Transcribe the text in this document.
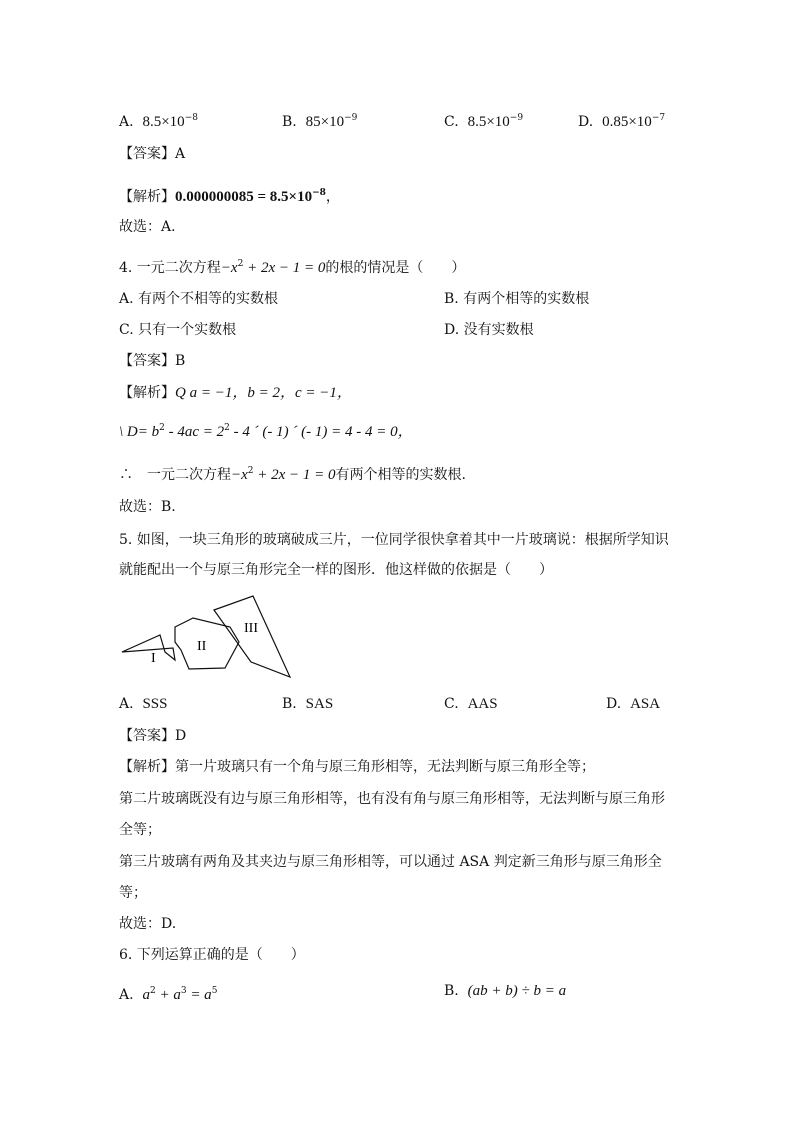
A. $8.5\times 10^{-8}$	B. $85\times 10^{-9}$	C. $8.5\times 10^{-9}$	D. $0.85\times 10^{-7}$
【答案】A
【解析】$0.000000085 = 8.5\times 10^{-8}$，
故选：A.
4. 一元二次方程$-x^2 + 2x - 1 = 0$的根的情况是（　　）
A. 有两个不相等的实数根	B. 有两个相等的实数根
C. 只有一个实数根	D. 没有实数根
【答案】B
【解析】Q a = −1，b = 2，c = −1，
\ $D= b^2 - 4ac = 2^2 - 4$ ´ (- 1) ´ (- 1) = 4 - 4 = 0，
∴　一元二次方程$-x^2 + 2x - 1 = 0$有两个相等的实数根.
故选：B.
5. 如图，一块三角形的玻璃破成三片，一位同学很快拿着其中一片玻璃说：根据所学知识
就能配出一个与原三角形完全一样的图形．他这样做的依据是（　　）
I
II
III
A. SSS	B. SAS	C. AAS	D. ASA
【答案】D
【解析】第一片玻璃只有一个角与原三角形相等，无法判断与原三角形全等；
第二片玻璃既没有边与原三角形相等，也有没有角与原三角形相等，无法判断与原三角形
全等；
第三片玻璃有两角及其夹边与原三角形相等，可以通过 ASA 判定新三角形与原三角形全
等；
故选：D.
6. 下列运算正确的是（　　）
A. $a^2 + a^3 = a^5$	B. (ab + b) ÷ b = a
